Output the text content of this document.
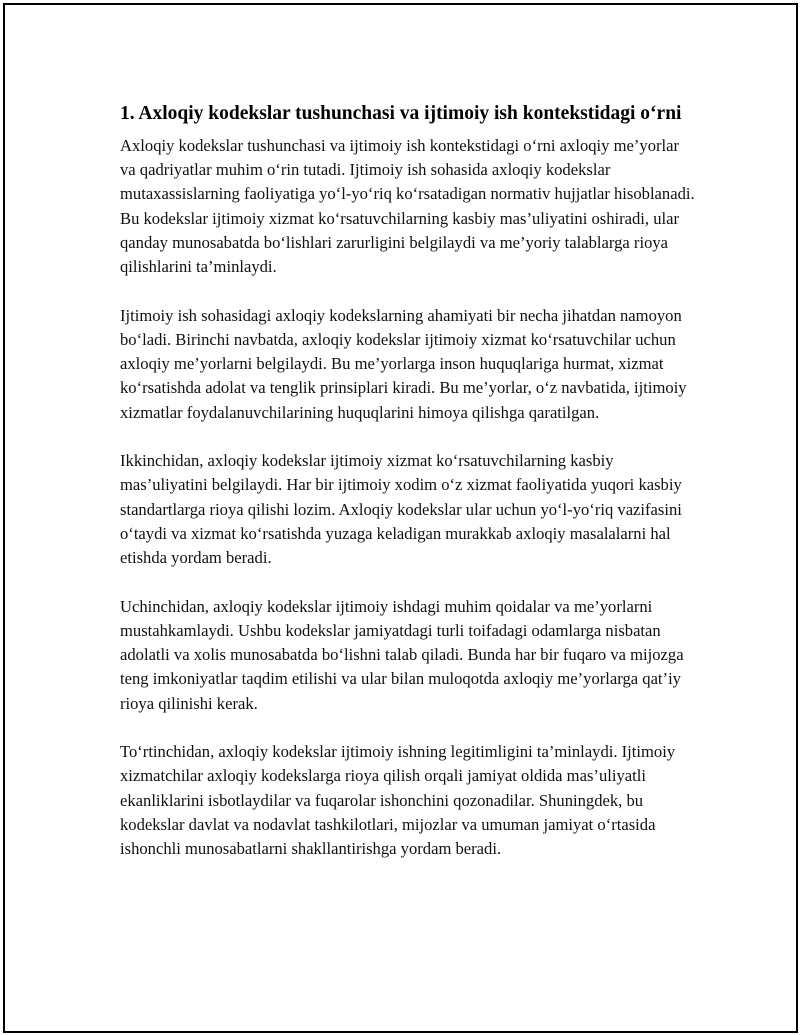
1. Axloqiy kodekslar tushunchasi va ijtimoiy ish kontekstidagi o‘rni

Axloqiy kodekslar tushunchasi va ijtimoiy ish kontekstidagi o‘rni axloqiy me’yorlar va qadriyatlar muhim o‘rin tutadi. Ijtimoiy ish sohasida axloqiy kodekslar mutaxassislarning faoliyatiga yo‘l-yo‘riq ko‘rsatadigan normativ hujjatlar hisoblanadi. Bu kodekslar ijtimoiy xizmat ko‘rsatuvchilarning kasbiy mas’uliyatini oshiradi, ular qanday munosabatda bo‘lishlari zarurligini belgilaydi va me’yoriy talablarga rioya qilishlarini ta’minlaydi.

Ijtimoiy ish sohasidagi axloqiy kodekslarning ahamiyati bir necha jihatdan namoyon bo‘ladi. Birinchi navbatda, axloqiy kodekslar ijtimoiy xizmat ko‘rsatuvchilar uchun axloqiy me’yorlarni belgilaydi. Bu me’yorlarga inson huquqlariga hurmat, xizmat ko‘rsatishda adolat va tenglik prinsiplari kiradi. Bu me’yorlar, o‘z navbatida, ijtimoiy xizmatlar foydalanuvchilarining huquqlarini himoya qilishga qaratilgan.

Ikkinchidan, axloqiy kodekslar ijtimoiy xizmat ko‘rsatuvchilarning kasbiy mas’uliyatini belgilaydi. Har bir ijtimoiy xodim o‘z xizmat faoliyatida yuqori kasbiy standartlarga rioya qilishi lozim. Axloqiy kodekslar ular uchun yo‘l-yo‘riq vazifasini o‘taydi va xizmat ko‘rsatishda yuzaga keladigan murakkab axloqiy masalalarni hal etishda yordam beradi.

Uchinchidan, axloqiy kodekslar ijtimoiy ishdagi muhim qoidalar va me’yorlarni mustahkamlaydi. Ushbu kodekslar jamiyatdagi turli toifadagi odamlarga nisbatan adolatli va xolis munosabatda bo‘lishni talab qiladi. Bunda har bir fuqaro va mijozga teng imkoniyatlar taqdim etilishi va ular bilan muloqotda axloqiy me’yorlarga qat’iy rioya qilinishi kerak.

To‘rtinchidan, axloqiy kodekslar ijtimoiy ishning legitimligini ta’minlaydi. Ijtimoiy xizmatchilar axloqiy kodekslarga rioya qilish orqali jamiyat oldida mas’uliyatli ekanliklarini isbotlaydilar va fuqarolar ishonchini qozonadilar. Shuningdek, bu kodekslar davlat va nodavlat tashkilotlari, mijozlar va umuman jamiyat o‘rtasida ishonchli munosabatlarni shakllantirishga yordam beradi.
